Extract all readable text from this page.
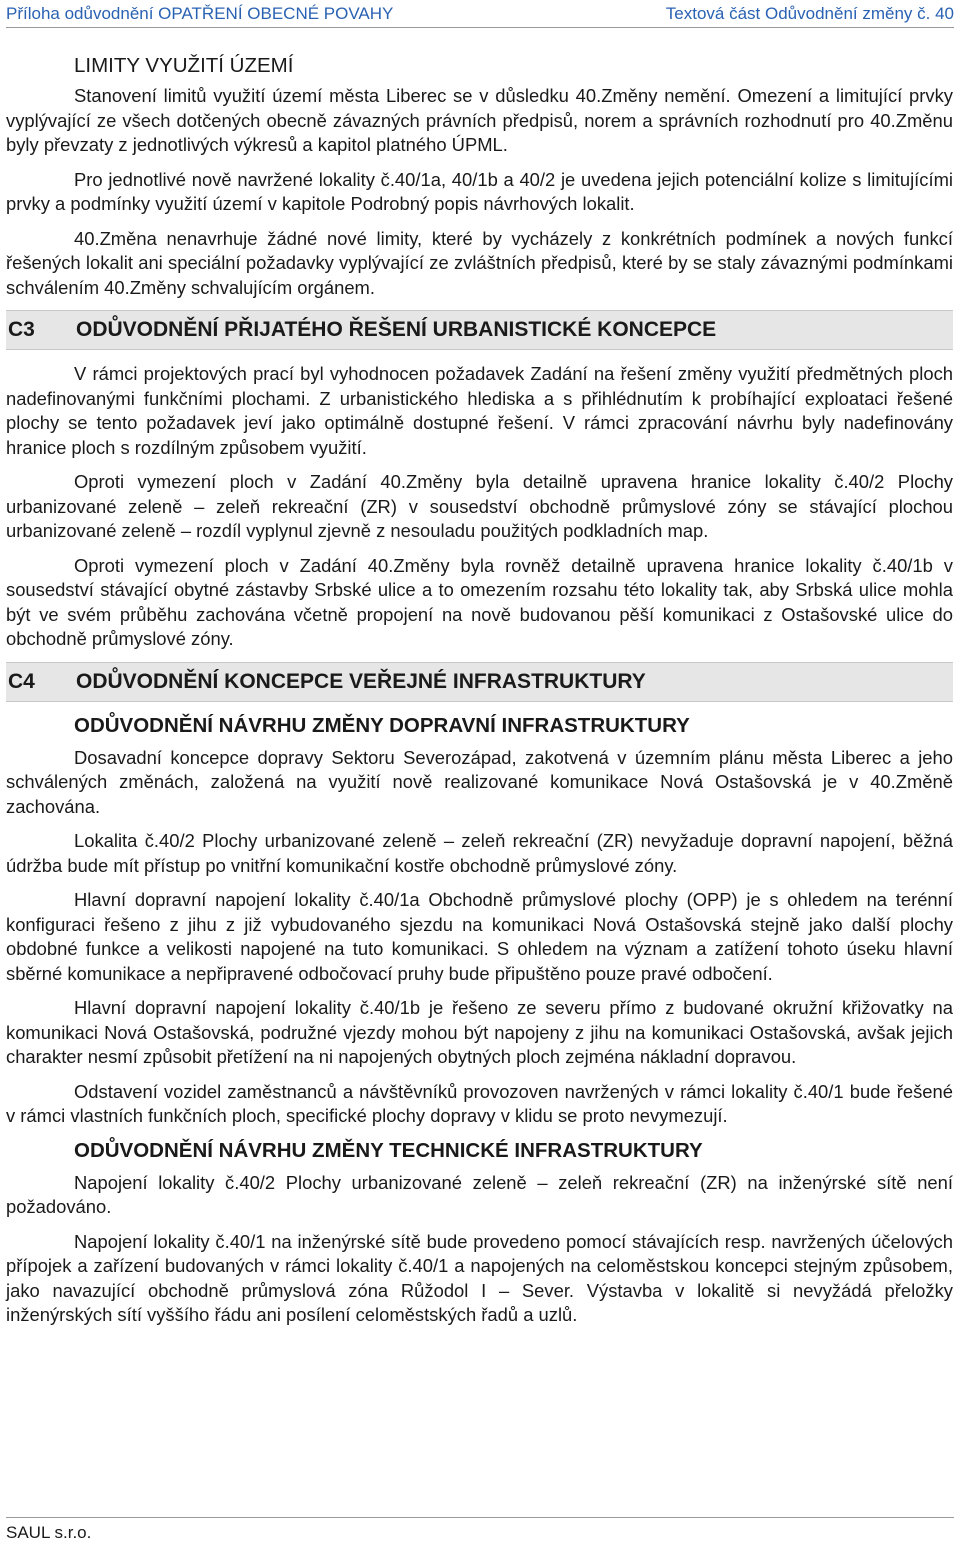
Příloha odůvodnění OPATŘENÍ OBECNÉ POVAHY	Textová část Odůvodnění změny č. 40
LIMITY VYUŽITÍ ÚZEMÍ

Stanovení limitů využití území města Liberec se v důsledku 40.Změny nemění. Omezení a limitující prvky vyplývající ze všech dotčených obecně závazných právních předpisů, norem a správních rozhodnutí pro 40.Změnu byly převzaty z jednotlivých výkresů a kapitol platného ÚPML.

Pro jednotlivé nově navržené lokality č.40/1a, 40/1b a 40/2 je uvedena jejich potenciální kolize s limitujícími prvky a podmínky využití území v kapitole Podrobný popis návrhových lokalit.

40.Změna nenavrhuje žádné nové limity, které by vycházely z konkrétních podmínek a nových funkcí řešených lokalit ani speciální požadavky vyplývající ze zvláštních předpisů, které by se staly závaznými podmínkami schválením 40.Změny schvalujícím orgánem.

C3	ODŮVODNĚNÍ PŘIJATÉHO ŘEŠENÍ URBANISTICKÉ KONCEPCE

V rámci projektových prací byl vyhodnocen požadavek Zadání na řešení změny využití předmětných ploch nadefinovanými funkčními plochami. Z urbanistického hlediska a s přihlédnutím k probíhající exploataci řešené plochy se tento požadavek jeví jako optimálně dostupné řešení. V rámci zpracování návrhu byly nadefinovány hranice ploch s rozdílným způsobem využití.

Oproti vymezení ploch v Zadání 40.Změny byla detailně upravena hranice lokality č.40/2 Plochy urbanizované zeleně – zeleň rekreační (ZR) v sousedství obchodně průmyslové zóny se stávající plochou urbanizované zeleně – rozdíl vyplynul zjevně z nesouladu použitých podkladních map.

Oproti vymezení ploch v Zadání 40.Změny byla rovněž detailně upravena hranice lokality č.40/1b v sousedství stávající obytné zástavby Srbské ulice a to omezením rozsahu této lokality tak, aby Srbská ulice mohla být ve svém průběhu zachována včetně propojení na nově budovanou pěší komunikaci z Ostašovské ulice do obchodně průmyslové zóny.

C4	ODŮVODNĚNÍ KONCEPCE VEŘEJNÉ INFRASTRUKTURY
ODŮVODNĚNÍ NÁVRHU ZMĚNY DOPRAVNÍ INFRASTRUKTURY

Dosavadní koncepce dopravy Sektoru Severozápad, zakotvená v územním plánu města Liberec a jeho schválených změnách, založená na využití nově realizované komunikace Nová Ostašovská je v 40.Změně zachována.

Lokalita č.40/2 Plochy urbanizované zeleně – zeleň rekreační (ZR) nevyžaduje dopravní napojení, běžná údržba bude mít přístup po vnitřní komunikační kostře obchodně průmyslové zóny.

Hlavní dopravní napojení lokality č.40/1a Obchodně průmyslové plochy (OPP) je s ohledem na terénní konfiguraci řešeno z jihu z již vybudovaného sjezdu na komunikaci Nová Ostašovská stejně jako další plochy obdobné funkce a velikosti napojené na tuto komunikaci. S ohledem na význam a zatížení tohoto úseku hlavní sběrné komunikace a nepřipravené odbočovací pruhy bude připuštěno pouze pravé odbočení.

Hlavní dopravní napojení lokality č.40/1b je řešeno ze severu přímo z budované okružní křižovatky na komunikaci Nová Ostašovská, podružné vjezdy mohou být napojeny z jihu na komunikaci Ostašovská, avšak jejich charakter nesmí způsobit přetížení na ni napojených obytných ploch zejména nákladní dopravou.

Odstavení vozidel zaměstnanců a návštěvníků provozoven navržených v rámci lokality č.40/1 bude řešené v rámci vlastních funkčních ploch, specifické plochy dopravy v klidu se proto nevymezují.

ODŮVODNĚNÍ NÁVRHU ZMĚNY TECHNICKÉ INFRASTRUKTURY

Napojení lokality č.40/2 Plochy urbanizované zeleně – zeleň rekreační (ZR) na inženýrské sítě není požadováno.

Napojení lokality č.40/1 na inženýrské sítě bude provedeno pomocí stávajících resp. navržených účelových přípojek a zařízení budovaných v rámci lokality č.40/1 a napojených na celoměstskou koncepci stejným způsobem, jako navazující obchodně průmyslová zóna Růžodol I – Sever. Výstavba v lokalitě si nevyžádá přeložky inženýrských sítí vyššího řádu ani posílení celoměstských řadů a uzlů.

SAUL s.r.o.
